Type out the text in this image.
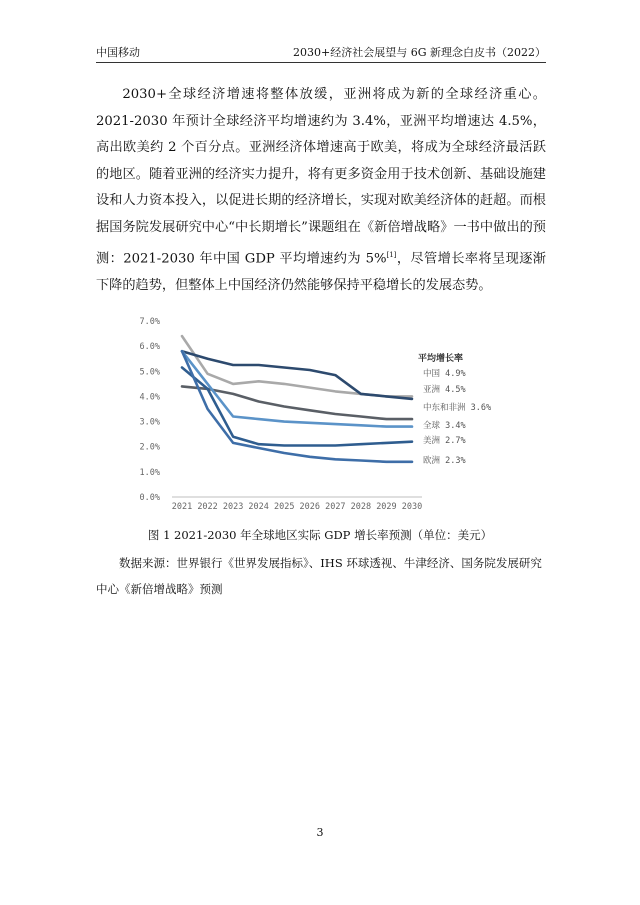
中国移动	2030+经济社会展望与 6G 新理念白皮书（2022）

2030+全球经济增速将整体放缓，亚洲将成为新的全球经济重心。2021-2030 年预计全球经济平均增速约为 3.4%，亚洲平均增速达 4.5%，高出欧美约 2 个百分点。亚洲经济体增速高于欧美，将成为全球经济最活跃的地区。随着亚洲的经济实力提升，将有更多资金用于技术创新、基础设施建设和人力资本投入，以促进长期的经济增长，实现对欧美经济体的赶超。而根据国务院发展研究中心“中长期增长”课题组在《新倍增战略》一书中做出的预测：2021-2030 年中国 GDP 平均增速约为 5%[1]，尽管增长率将呈现逐渐下降的趋势，但整体上中国经济仍然能够保持平稳增长的发展态势。

0.0%
1.0%
2.0%
3.0%
4.0%
5.0%
6.0%
7.0%
2021 2022 2023 2024 2025 2026 2027 2028 2029 2030
平均增长率
中国 4.9%
亚洲 4.5%
中东和非洲 3.6%
全球 3.4%
美洲 2.7%
欧洲 2.3%
图 1 2021-2030 年全球地区实际 GDP 增长率预测（单位：美元）
数据来源：世界银行《世界发展指标》、IHS 环球透视、牛津经济、国务院发展研究中心《新倍增战略》预测
3
